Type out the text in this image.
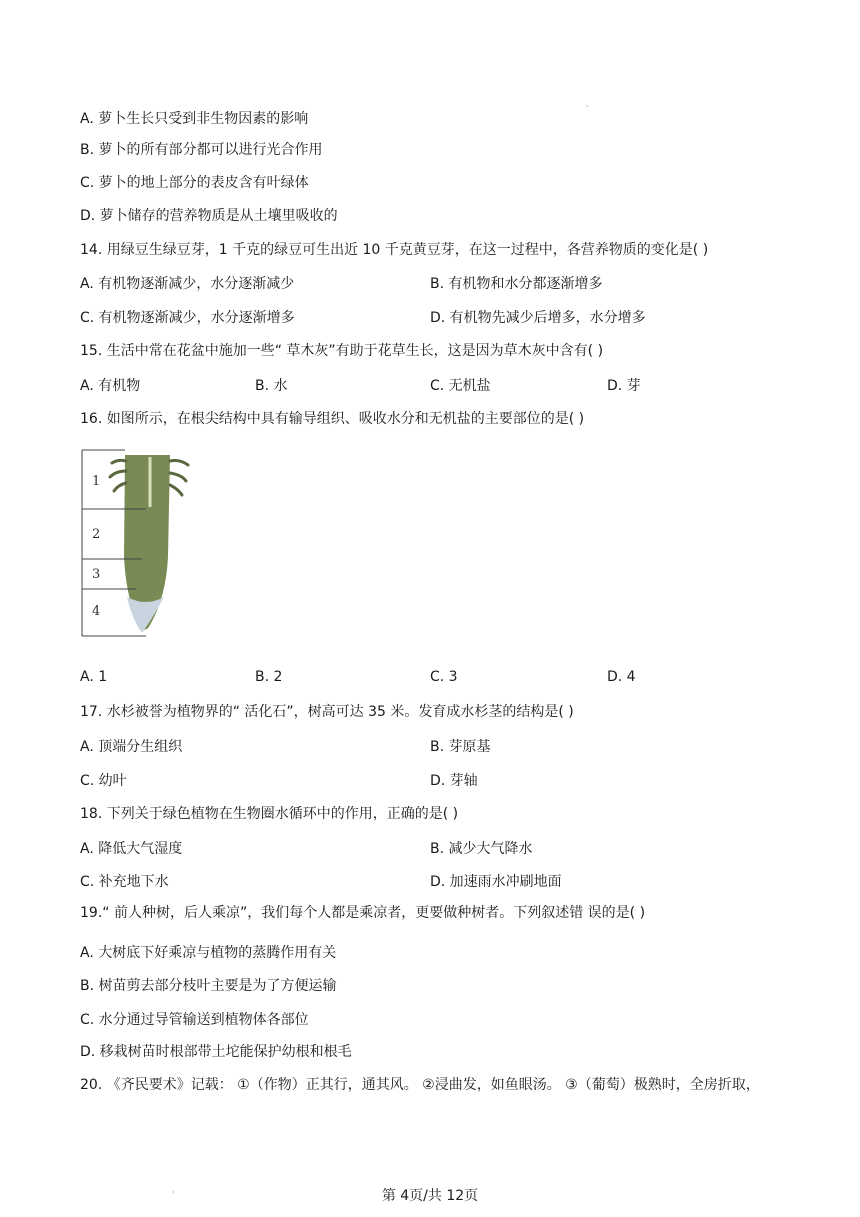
·
·
A. 萝卜生长只受到非生物因素的影响
B. 萝卜的所有部分都可以进行光合作用
C. 萝卜的地上部分的表皮含有叶绿体
D. 萝卜储存的营养物质是从土壤里吸收的
14. 用绿豆生绿豆芽，1 千克的绿豆可生出近 10 千克黄豆芽，在这一过程中，各营养物质的变化是( )
A. 有机物逐渐减少，水分逐渐减少	B. 有机物和水分都逐渐增多
C. 有机物逐渐减少，水分逐渐增多	D. 有机物先减少后增多，水分增多
15. 生活中常在花盆中施加一些“ 草木灰”有助于花草生长，这是因为草木灰中含有( )
A. 有机物	B. 水	C. 无机盐	D. 芽
16. 如图所示，在根尖结构中具有输导组织、吸收水分和无机盐的主要部位的是( )
1
2
3
4
A. 1	B. 2	C. 3	D. 4
17. 水杉被誉为植物界的“ 活化石”，树高可达 35 米。发育成水杉茎的结构是( )
A. 顶端分生组织	B. 芽原基
C. 幼叶	D. 芽轴
18. 下列关于绿色植物在生物圈水循环中的作用，正确的是( )
A. 降低大气湿度	B. 减少大气降水
C. 补充地下水	D. 加速雨水冲刷地面
19.“ 前人种树，后人乘凉”，我们每个人都是乘凉者，更要做种树者。下列叙述错 误的是( )
A. 大树底下好乘凉与植物的蒸腾作用有关
B. 树苗剪去部分枝叶主要是为了方便运输
C. 水分通过导管输送到植物体各部位
D. 移栽树苗时根部带土坨能保护幼根和根毛
20. 《齐民要术》记载： ①（作物）正其行，通其风。 ②浸曲发，如鱼眼汤。 ③（葡萄）极熟时，全房折取，
第 4页/共 12页
